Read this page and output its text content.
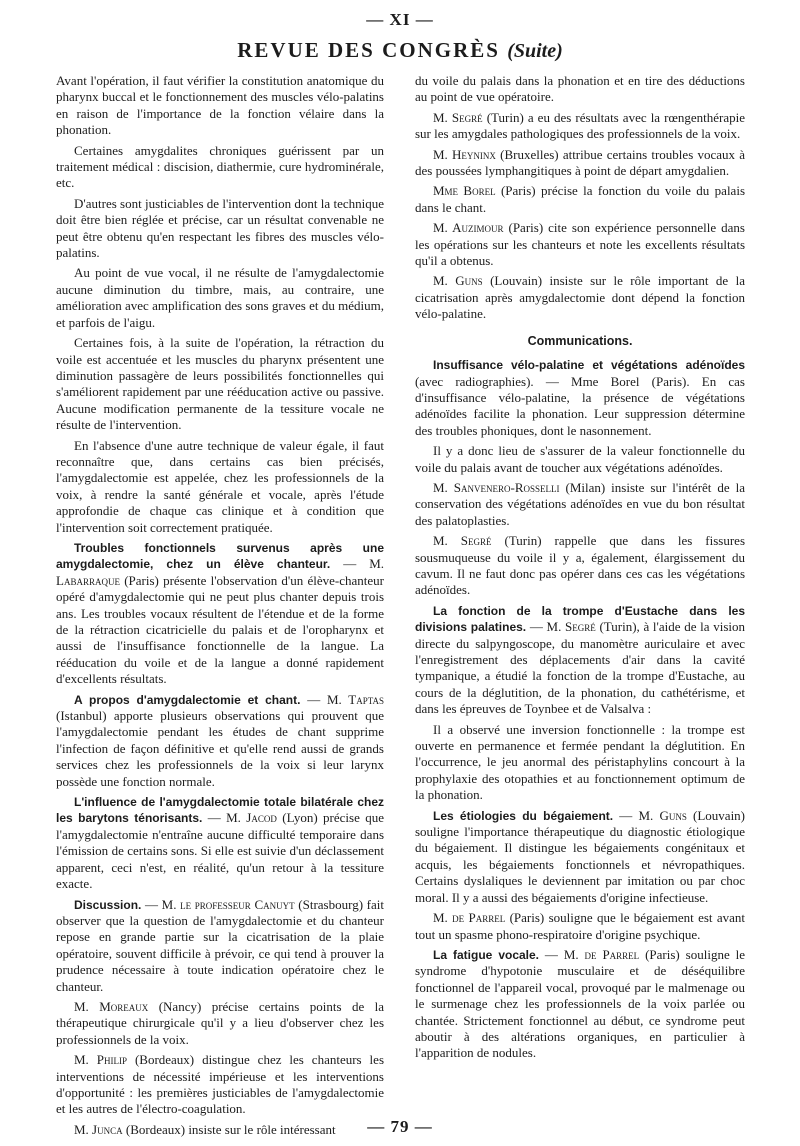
— XI —
REVUE DES CONGRÈS (Suite)

Avant l'opération, il faut vérifier la constitution anatomique du pharynx buccal et le fonctionnement des muscles vélo-palatins en raison de l'importance de la fonction vélaire dans la phonation.

Certaines amygdalites chroniques guérissent par un traitement médical : discision, diathermie, cure hydrominérale, etc.

D'autres sont justiciables de l'intervention dont la technique doit être bien réglée et précise, car un résultat convenable ne peut être obtenu qu'en respectant les fibres des muscles vélo-palatins.

Au point de vue vocal, il ne résulte de l'amygdalectomie aucune diminution du timbre, mais, au contraire, une amélioration avec amplification des sons graves et du médium, et parfois de l'aigu.

Certaines fois, à la suite de l'opération, la rétraction du voile est accentuée et les muscles du pharynx présentent une diminution passagère de leurs possibilités fonctionnelles qui s'améliorent rapidement par une rééducation active ou passive. Aucune modification permanente de la tessiture vocale ne résulte de l'intervention.

En l'absence d'une autre technique de valeur égale, il faut reconnaître que, dans certains cas bien précisés, l'amygdalectomie est appelée, chez les professionnels de la voix, à rendre la santé générale et vocale, après l'étude approfondie de chaque cas clinique et à condition que l'intervention soit correctement pratiquée.

Troubles fonctionnels survenus après une amygdalectomie, chez un élève chanteur. — M. Labarraque (Paris) présente l'observation d'un élève-chanteur opéré d'amygdalectomie qui ne peut plus chanter depuis trois ans. Les troubles vocaux résultent de l'étendue et de la forme de la rétraction cicatricielle du palais et de l'oropharynx et aussi de l'insuffisance fonctionnelle de la langue. La rééducation du voile et de la langue a donné rapidement d'excellents résultats.

A propos d'amygdalectomie et chant. — M. Taptas (Istanbul) apporte plusieurs observations qui prouvent que l'amygdalectomie pendant les études de chant supprime l'infection de façon définitive et qu'elle rend aussi de grands services chez les professionnels de la voix si leur larynx possède une fonction normale.

L'influence de l'amygdalectomie totale bilatérale chez les barytons ténorisants. — M. Jacod (Lyon) précise que l'amygdalectomie n'entraîne aucune difficulté temporaire dans l'émission de certains sons. Si elle est suivie d'un déclassement apparent, ceci n'est, en réalité, qu'un retour à la tessiture exacte.

Discussion. — M. le professeur Canuyt (Strasbourg) fait observer que la question de l'amygdalectomie et du chanteur repose en grande partie sur la cicatrisation de la plaie opératoire, souvent difficile à prévoir, ce qui tend à prouver la prudence nécessaire à toute indication opératoire chez le chanteur.

M. Moreaux (Nancy) précise certains points de la thérapeutique chirurgicale qu'il y a lieu d'observer chez les professionnels de la voix.

M. Philip (Bordeaux) distingue chez les chanteurs les interventions de nécessité impérieuse et les interventions d'opportunité : les premières justiciables de l'amygdalectomie et les autres de l'électro-coagulation.

M. Junca (Bordeaux) insiste sur le rôle intéressant

du voile du palais dans la phonation et en tire des déductions au point de vue opératoire.

M. Segré (Turin) a eu des résultats avec la rœngenthérapie sur les amygdales pathologiques des professionnels de la voix.

M. Heyninx (Bruxelles) attribue certains troubles vocaux à des poussées lymphangitiques à point de départ amygdalien.

Mme Borel (Paris) précise la fonction du voile du palais dans le chant.

M. Auzimour (Paris) cite son expérience personnelle dans les opérations sur les chanteurs et note les excellents résultats qu'il a obtenus.

M. Guns (Louvain) insiste sur le rôle important de la cicatrisation après amygdalectomie dont dépend la fonction vélo-palatine.

Communications.

Insuffisance vélo-palatine et végétations adénoïdes (avec radiographies). — Mme Borel (Paris). En cas d'insuffisance vélo-palatine, la présence de végétations adénoïdes facilite la phonation. Leur suppression détermine des troubles phoniques, dont le nasonnement.

Il y a donc lieu de s'assurer de la valeur fonctionnelle du voile du palais avant de toucher aux végétations adénoïdes.

M. Sanvenero-Rosselli (Milan) insiste sur l'intérêt de la conservation des végétations adénoïdes en vue du bon résultat des palatoplasties.

M. Segré (Turin) rappelle que dans les fissures sousmuqueuse du voile il y a, également, élargissement du cavum. Il ne faut donc pas opérer dans ces cas les végétations adénoïdes.

La fonction de la trompe d'Eustache dans les divisions palatines. — M. Segré (Turin), à l'aide de la vision directe du salpyngoscope, du manomètre auriculaire et avec l'enregistrement des déplacements d'air dans la cavité tympanique, a étudié la fonction de la trompe d'Eustache, au cours de la déglutition, de la phonation, du cathétérisme, et dans les épreuves de Toynbee et de Valsalva :

Il a observé une inversion fonctionnelle : la trompe est ouverte en permanence et fermée pendant la déglutition. En l'occurrence, le jeu anormal des péristaphylins concourt à la prophylaxie des otopathies et au fonctionnement optimum de la phonation.

Les étiologies du bégaiement. — M. Guns (Louvain) souligne l'importance thérapeutique du diagnostic étiologique du bégaiement. Il distingue les bégaiements congénitaux et acquis, les bégaiements fonctionnels et névropathiques. Certains dyslaliques le deviennent par imitation ou par choc moral. Il y a aussi des bégaiements d'origine infectieuse.

M. de Parrel (Paris) souligne que le bégaiement est avant tout un spasme phono-respiratoire d'origine psychique.

La fatigue vocale. — M. de Parrel (Paris) souligne le syndrome d'hypotonie musculaire et de déséquilibre fonctionnel de l'appareil vocal, provoqué par le malmenage ou le surmenage chez les professionnels de la voix parlée ou chantée. Strictement fonctionnel au début, ce syndrome peut aboutir à des altérations organiques, en particulier à l'apparition de nodules.

— 79 —
